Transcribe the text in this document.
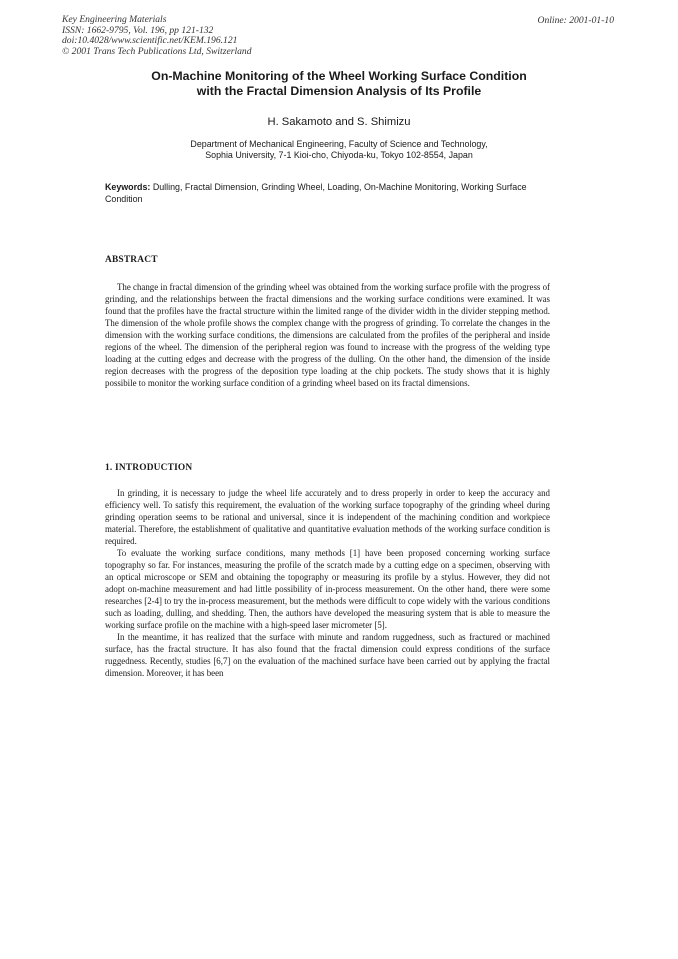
Key Engineering Materials
ISSN: 1662-9795, Vol. 196, pp 121-132
doi:10.4028/www.scientific.net/KEM.196.121
© 2001 Trans Tech Publications Ltd, Switzerland
Online: 2001-01-10
On-Machine Monitoring of the Wheel Working Surface Condition
with the Fractal Dimension Analysis of Its Profile
H. Sakamoto and S. Shimizu
Department of Mechanical Engineering, Faculty of Science and Technology,
Sophia University, 7-1 Kioi-cho, Chiyoda-ku, Tokyo 102-8554, Japan
Keywords: Dulling, Fractal Dimension, Grinding Wheel, Loading, On-Machine Monitoring, Working Surface Condition
ABSTRACT

The change in fractal dimension of the grinding wheel was obtained from the working surface profile with the progress of grinding, and the relationships between the fractal dimensions and the working surface conditions were examined. It was found that the profiles have the fractal structure within the limited range of the divider width in the divider stepping method. The dimension of the whole profile shows the complex change with the progress of grinding. To correlate the changes in the dimension with the working surface conditions, the dimensions are calculated from the profiles of the peripheral and inside regions of the wheel. The dimension of the peripheral region was found to increase with the progress of the welding type loading at the cutting edges and decrease with the progress of the dulling. On the other hand, the dimension of the inside region decreases with the progress of the deposition type loading at the chip pockets. The study shows that it is highly possibile to monitor the working surface condition of a grinding wheel based on its fractal dimensions.

1. INTRODUCTION

In grinding, it is necessary to judge the wheel life accurately and to dress properly in order to keep the accuracy and efficiency well. To satisfy this requirement, the evaluation of the working surface topography of the grinding wheel during grinding operation seems to be rational and universal, since it is independent of the machining condition and workpiece material. Therefore, the establishment of qualitative and quantitative evaluation methods of the working surface condition is required.

To evaluate the working surface conditions, many methods [1] have been proposed concerning working surface topography so far. For instances, measuring the profile of the scratch made by a cutting edge on a specimen, observing with an optical microscope or SEM and obtaining the topography or measuring its profile by a stylus. However, they did not adopt on-machine measurement and had little possibility of in-process measurement. On the other hand, there were some researches [2-4] to try the in-process measurement, but the methods were difficult to cope widely with the various conditions such as loading, dulling, and shedding. Then, the authors have developed the measuring system that is able to measure the working surface profile on the machine with a high-speed laser micrometer [5].

In the meantime, it has realized that the surface with minute and random ruggedness, such as fractured or machined surface, has the fractal structure. It has also found that the fractal dimension could express conditions of the surface ruggedness. Recently, studies [6,7] on the evaluation of the machined surface have been carried out by applying the fractal dimension. Moreover, it has been
